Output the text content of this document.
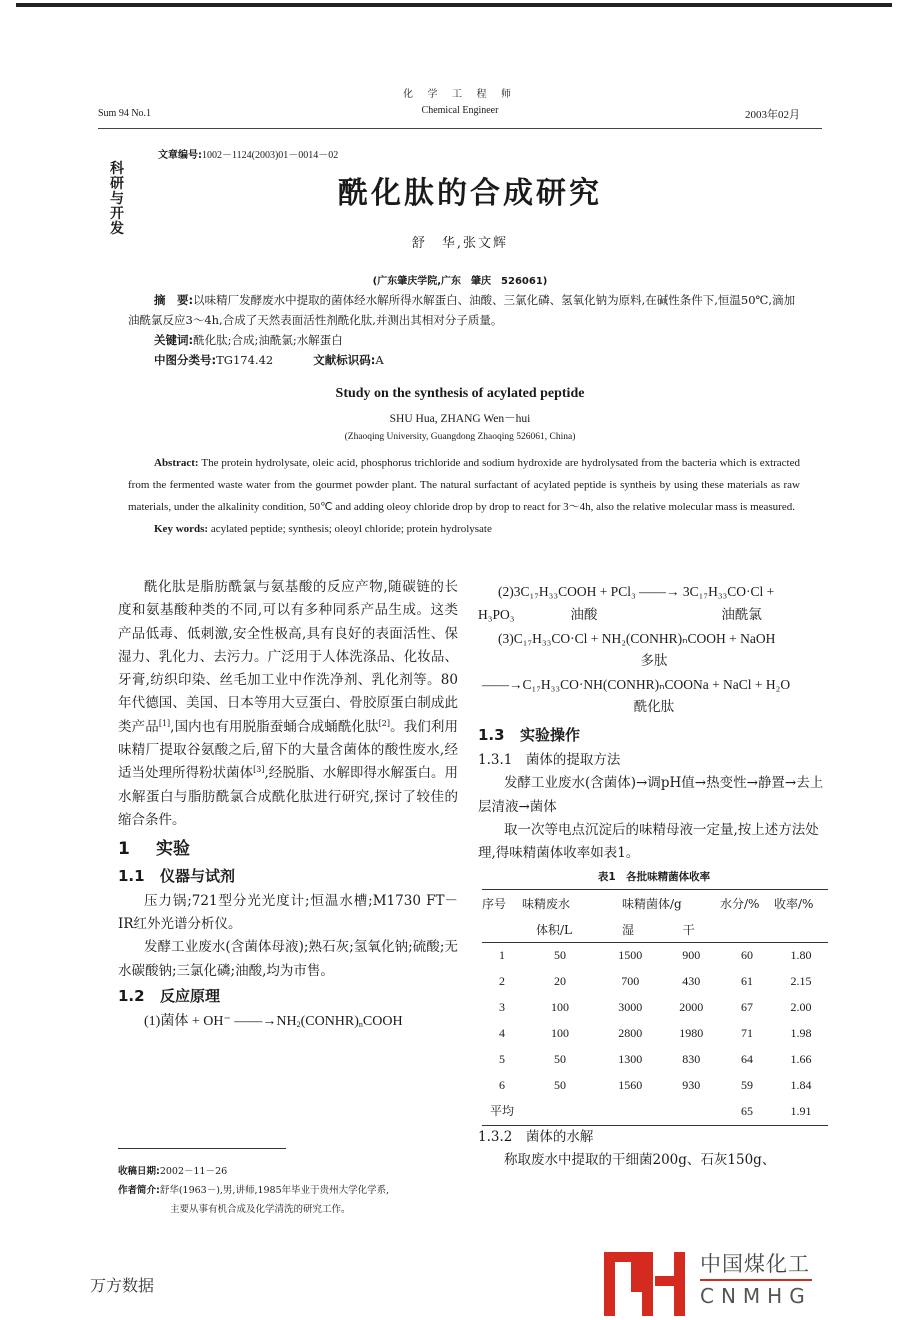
Sum 94 No.1
化 学 工 程 师
Chemical Engineer	2003年02月
科研与开发
文章编号:1002－1124(2003)01－0014－02
酰化肽的合成研究
舒　华,张文辉
(广东肇庆学院,广东　肇庆　526061)

摘　要:以味精厂发酵废水中提取的菌体经水解所得水解蛋白、油酸、三氯化磷、氢氧化钠为原料,在碱性条件下,恒温50℃,滴加油酰氯反应3～4h,合成了天然表面活性剂酰化肽,并测出其相对分子质量。

关键词:酰化肽;合成;油酰氯;水解蛋白

中图分类号:TG174.42	文献标识码:A

Study on the synthesis of acylated peptide
SHU Hua, ZHANG Wen－hui
(Zhaoqing University, Guangdong Zhaoqing 526061, China)

Abstract: The protein hydrolysate, oleic acid, phosphorus trichloride and sodium hydroxide are hydrolysated from the bacteria which is extracted from the fermented waste water from the gourmet powder plant. The natural surfactant of acylated peptide is syntheis by using these materials as raw materials, under the alkalinity condition, 50℃ and adding oleoy chloride drop by drop to react for 3～4h, also the relative molecular mass is measured.

Key words: acylated peptide; synthesis; oleoyl chloride; protein hydrolysate

酰化肽是脂肪酰氯与氨基酸的反应产物,随碳链的长度和氨基酸种类的不同,可以有多种同系产品生成。这类产品低毒、低刺激,安全性极高,具有良好的表面活性、保湿力、乳化力、去污力。广泛用于人体洗涤品、化妆品、牙膏,纺织印染、丝毛加工业中作洗净剂、乳化剂等。80年代德国、美国、日本等用大豆蛋白、骨胶原蛋白制成此类产品[1],国内也有用脱脂蚕蛹合成蛹酰化肽[2]。我们利用味精厂提取谷氨酸之后,留下的大量含菌体的酸性废水,经适当处理所得粉状菌体[3],经脱脂、水解即得水解蛋白。用水解蛋白与脂肪酰氯合成酰化肽进行研究,探讨了较佳的缩合条件。

1 实验
1.1 仪器与试剂

压力锅;721型分光光度计;恒温水槽;M1730 FT－IR红外光谱分析仪。

发酵工业废水(含菌体母液);熟石灰;氢氧化钠;硫酸;无水碳酸钠;三氯化磷;油酸,均为市售。

1.2 反应原理
(1)菌体 + OH⁻ $——\to NH_2(CONHR)_nCOOH$
收稿日期:2002－11－26
作者简介:舒华(1963－),男,讲师,1985年毕业于贵州大学化学系,
主要从事有机合成及化学清洗的研究工作。

(2)3C₁₇H₃₃COOH + PCl₃ ——→ 3C₁₇H₃₃CO·Cl +

H₃PO₃	油酸	油酰氯

(3)C₁₇H₃₃CO·Cl + NH₂(CONHR)ₙCOOH + NaOH

多肽

——→C₁₇H₃₃CO·NH(CONHR)ₙCOONa + NaCl + H₂O

酰化肽

1.3 实验操作

1.3.1　菌体的提取方法

发酵工业废水(含菌体)→调pH值→热变性→静置→去上层清液→菌体

取一次等电点沉淀后的味精母液一定量,按上述方法处理,得味精菌体收率如表1。

表1　各批味精菌体收率

序号	味精废水	味精菌体/g		水分/%	收率/%
	体积/L	湿	干		
1	50	1500	900	60	1.80
2	20	700	430	61	2.15
3	100	3000	2000	67	2.00
4	100	2800	1980	71	1.98
5	50	1300	830	64	1.66
6	50	1560	930	59	1.84
平均				65	1.91

1.3.2　菌体的水解

称取废水中提取的干细菌200g、石灰150g、

中国煤化工
CNMHG
万方数据
